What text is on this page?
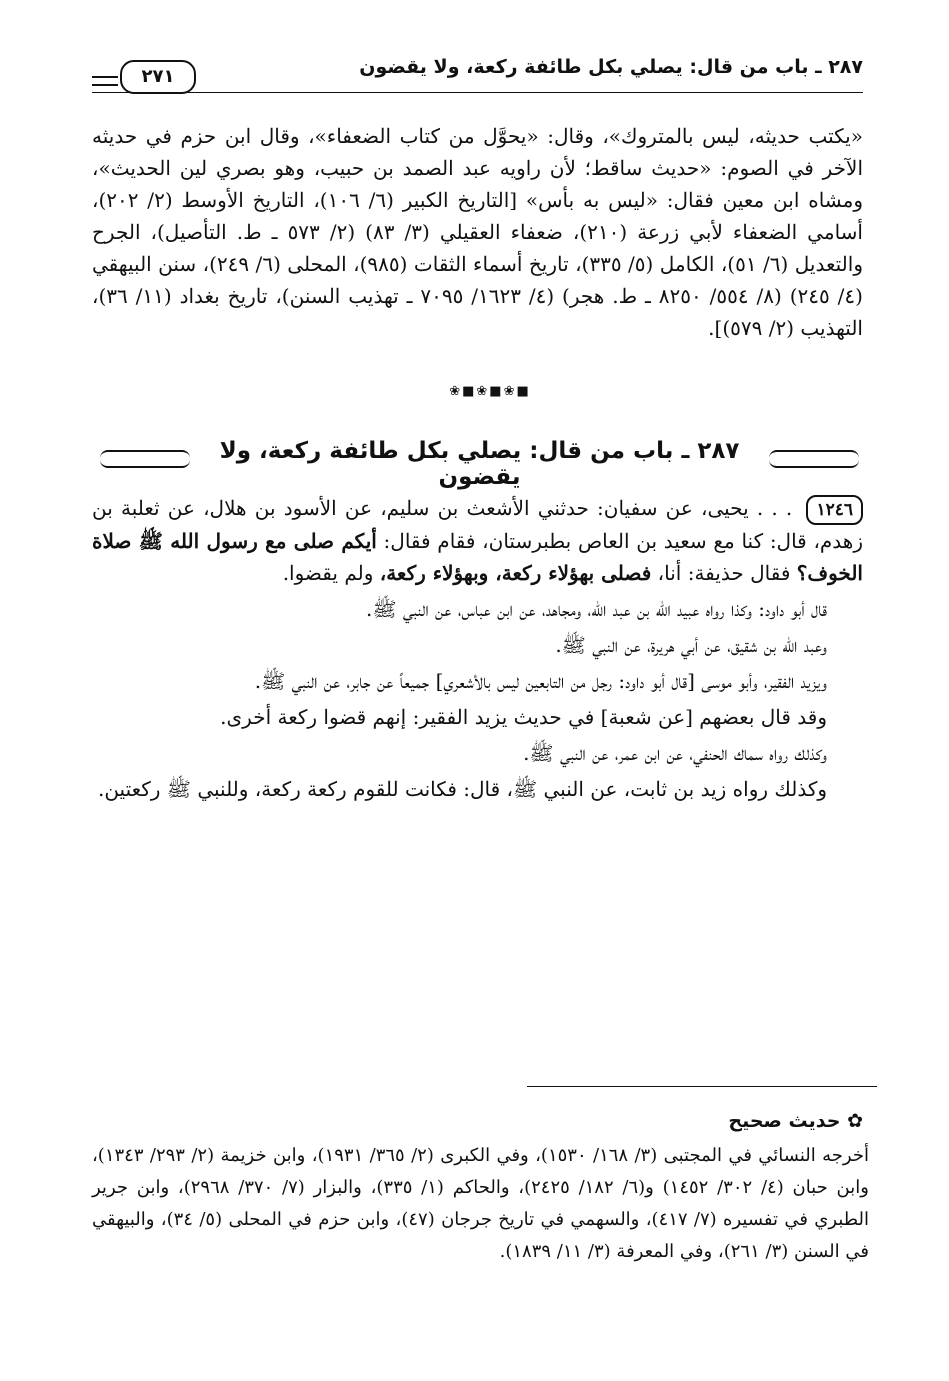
٢٨٧ ـ باب من قال: يصلي بكل طائفة ركعة، ولا يقضون
٢٧١

«يكتب حديثه، ليس بالمتروك»، وقال: «يحوَّل من كتاب الضعفاء»، وقال ابن حزم في حديثه الآخر في الصوم: «حديث ساقط؛ لأن راويه عبد الصمد بن حبيب، وهو بصري لين الحديث»، ومشاه ابن معين فقال: «ليس به بأس» [التاريخ الكبير (٦/ ١٠٦)، التاريخ الأوسط (٢/ ٢٠٢)، أسامي الضعفاء لأبي زرعة (٢١٠)، ضعفاء العقيلي (٣/ ٨٣) (٢/ ٥٧٣ ـ ط. التأصيل)، الجرح والتعديل (٦/ ٥١)، الكامل (٥/ ٣٣٥)، تاريخ أسماء الثقات (٩٨٥)، المحلى (٦/ ٢٤٩)، سنن البيهقي (٤/ ٢٤٥) (٨/ ٥٥٤/ ٨٢٥٠ ـ ط. هجر) (٤/ ١٦٢٣/ ٧٠٩٥ ـ تهذيب السنن)، تاريخ بغداد (١١/ ٣٦)، التهذيب (٢/ ٥٧٩)].

❀■❀■❀■
٢٨٧ ـ باب من قال: يصلي بكل طائفة ركعة، ولا يقضون

١٢٤٦ . . . يحيى، عن سفيان: حدثني الأشعث بن سليم، عن الأسود بن هلال، عن ثعلبة بن زهدم، قال: كنا مع سعيد بن العاص بطبرستان، فقام فقال: أيكم صلى مع رسول الله ﷺ صلاة الخوف؟ فقال حذيفة: أنا، فصلى بهؤلاء ركعة، وبهؤلاء ركعة، ولم يقضوا.

قال أبو داود: وكذا رواه عبيد الله بن عبد الله، ومجاهد، عن ابن عباس، عن النبي ﷺ.

وعبد الله بن شقيق، عن أبي هريرة، عن النبي ﷺ.

ويزيد الفقير، وأبو موسى [قال أبو داود: رجل من التابعين ليس بالأشعري] جميعاً عن جابر، عن النبي ﷺ.

وقد قال بعضهم [عن شعبة] في حديث يزيد الفقير: إنهم قضوا ركعة أخرى.

وكذلك رواه سماك الحنفي، عن ابن عمر، عن النبي ﷺ.

وكذلك رواه زيد بن ثابت، عن النبي ﷺ، قال: فكانت للقوم ركعة ركعة، وللنبي ﷺ ركعتين.

✿ حديث صحيح
أخرجه النسائي في المجتبى (٣/ ١٦٨/ ١٥٣٠)، وفي الكبرى (٢/ ٣٦٥/ ١٩٣١)، وابن خزيمة (٢/ ٢٩٣/ ١٣٤٣)، وابن حبان (٤/ ٣٠٢/ ١٤٥٢) و(٦/ ١٨٢/ ٢٤٢٥)، والحاكم (١/ ٣٣٥)، والبزار (٧/ ٣٧٠/ ٢٩٦٨)، وابن جرير الطبري في تفسيره (٧/ ٤١٧)، والسهمي في تاريخ جرجان (٤٧)، وابن حزم في المحلى (٥/ ٣٤)، والبيهقي في السنن (٣/ ٢٦١)، وفي المعرفة (٣/ ١١/ ١٨٣٩).
